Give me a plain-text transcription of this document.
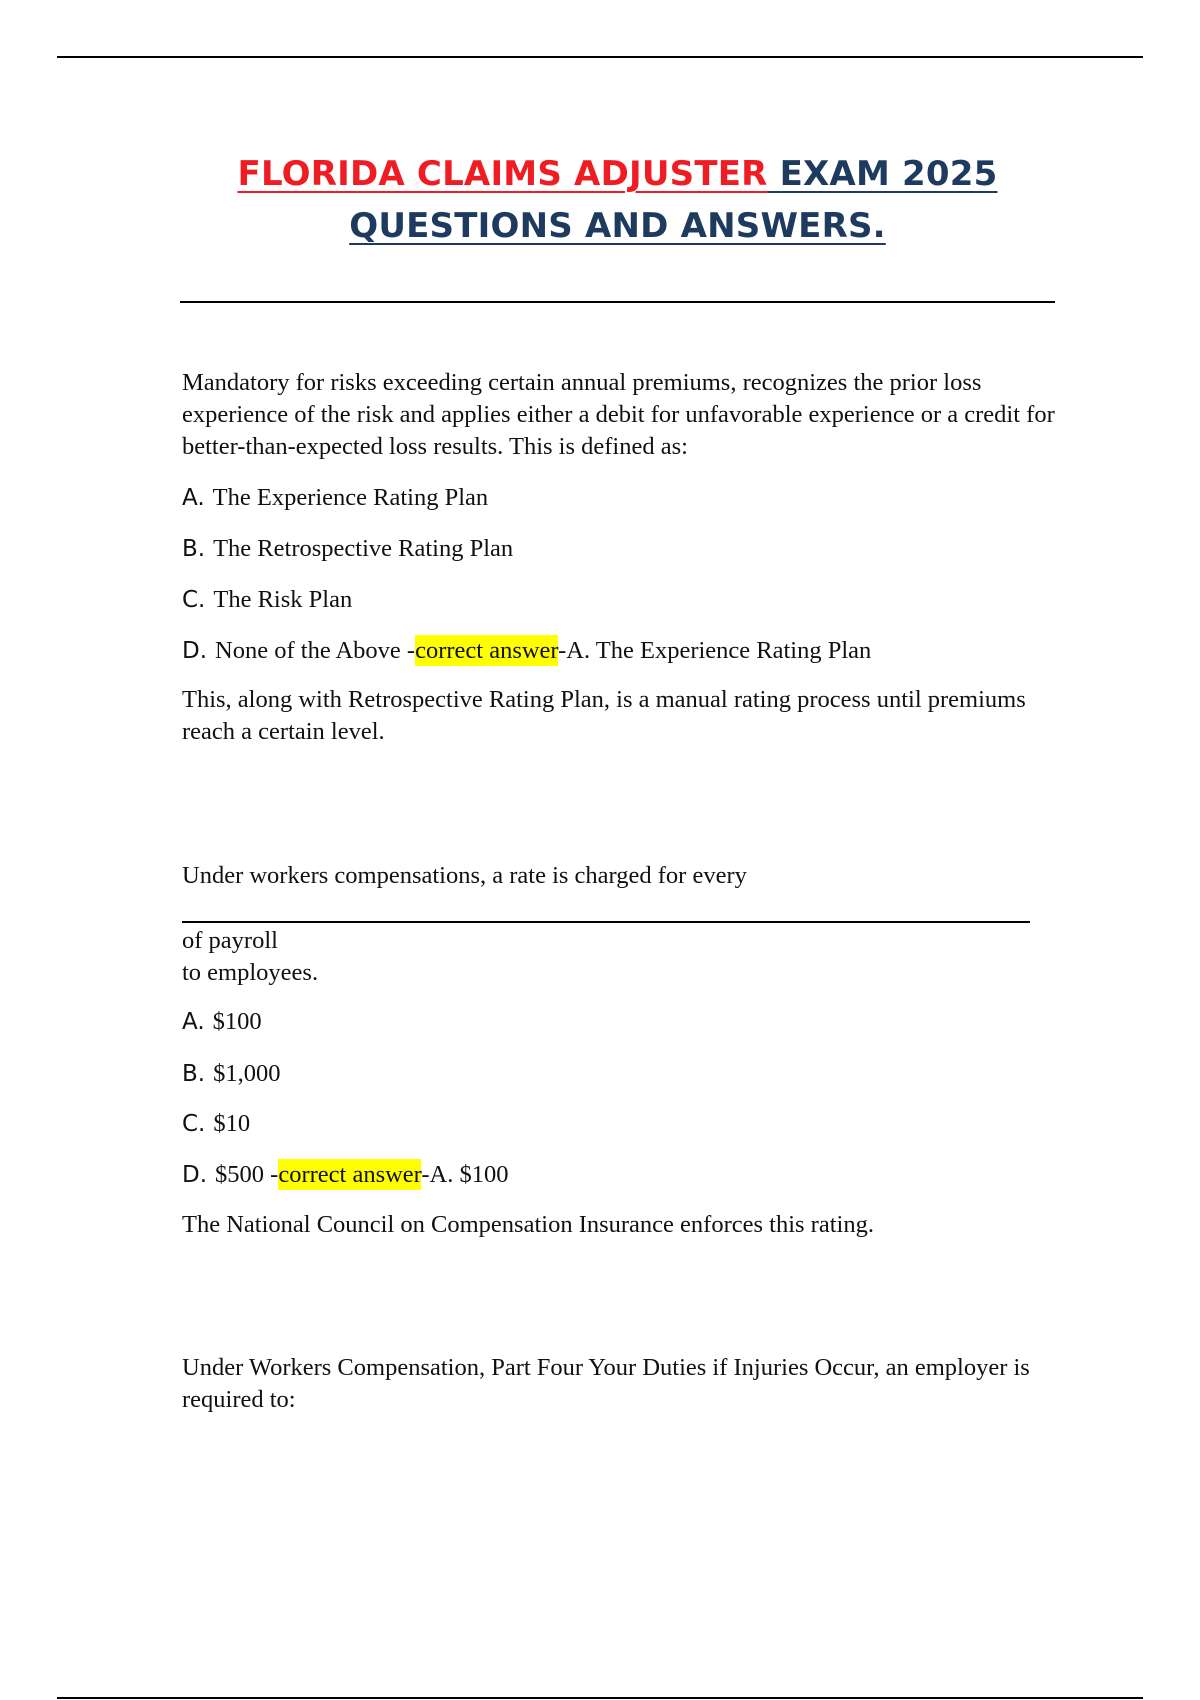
FLORIDA CLAIMS ADJUSTER EXAM 2025
QUESTIONS AND ANSWERS.

Mandatory for risks exceeding certain annual premiums, recognizes the prior loss experience of the risk and applies either a debit for unfavorable experience or a credit for better-than-expected loss results. This is defined as:

A. The Experience Rating Plan
B. The Retrospective Rating Plan
C. The Risk Plan
D. None of the Above -correct answer-A. The Experience Rating Plan

This, along with Retrospective Rating Plan, is a manual rating process until premiums reach a certain level.

Under workers compensations, a rate is charged for every

of payroll
to employees.
A. $100
B. $1,000
C. $10
D. $500 -correct answer-A. $100

The National Council on Compensation Insurance enforces this rating.

Under Workers Compensation, Part Four Your Duties if Injuries Occur, an employer is required to:
